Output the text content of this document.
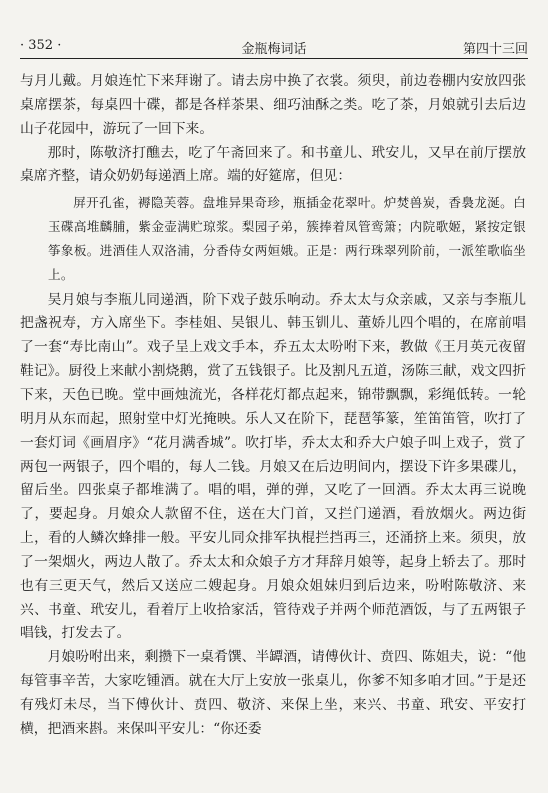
· 352 ·	金瓶梅词话	第四十三回

与月儿戴。月娘连忙下来拜谢了。请去房中换了衣裳。须臾，前边卷棚内安放四张桌席摆茶，每桌四十碟，都是各样茶果、细巧油酥之类。吃了茶，月娘就引去后边山子花园中，游玩了一回下来。

那时，陈敬济打醮去，吃了午斋回来了。和书童儿、玳安儿，又早在前厅摆放桌席齐整，请众奶奶每递酒上席。端的好筵席，但见：

屏开孔雀，褥隐芙蓉。盘堆异果奇珍，瓶插金花翠叶。炉焚兽炭，香裊龙涎。白玉碟高堆麟脯，紫金壶满贮琼浆。梨园子弟，簇捧着凤管鸾箫；内院歌姬，紧按定银筝象板。进酒佳人双洛浦，分香侍女两姮娥。正是：两行珠翠列阶前，一派笙歌临坐上。

吴月娘与李瓶儿同递酒，阶下戏子鼓乐响动。乔太太与众亲戚，又亲与李瓶儿把盏祝寿，方入席坐下。李桂姐、吴银儿、韩玉钏儿、董娇儿四个唱的，在席前唱了一套“寿比南山”。戏子呈上戏文手本，乔五太太吩咐下来，教做《王月英元夜留鞋记》。厨役上来献小割烧鹅，赏了五钱银子。比及割凡五道，汤陈三献，戏文四折下来，天色已晚。堂中画烛流光，各样花灯都点起来，锦带飘飘，彩绳低转。一轮明月从东而起，照射堂中灯光掩映。乐人又在阶下，琵琶筝篆，笙笛笛管，吹打了一套灯词《画眉序》“花月满香城”。吹打毕，乔太太和乔大户娘子叫上戏子，赏了两包一两银子，四个唱的，每人二钱。月娘又在后边明间内，摆设下许多果碟儿，留后坐。四张桌子都堆满了。唱的唱，弹的弹，又吃了一回酒。乔太太再三说晚了，要起身。月娘众人款留不住，送在大门首，又拦门递酒，看放烟火。两边街上，看的人鳞次蜂排一般。平安儿同众排军执棍拦挡再三，还涌挤上来。须臾，放了一架烟火，两边人散了。乔太太和众娘子方才拜辞月娘等，起身上轿去了。那时也有三更天气，然后又送应二嫂起身。月娘众姐妹归到后边来，吩咐陈敬济、来兴、书童、玳安儿，看着厅上收拾家活，管待戏子并两个师范酒饭，与了五两银子唱钱，打发去了。

月娘吩咐出来，剩攒下一桌肴馔、半罈酒，请傅伙计、贲四、陈姐夫，说：“他每管事辛苦，大家吃锺酒。就在大厅上安放一张桌儿，你爹不知多咱才回。”于是还有残灯未尽，当下傅伙计、贲四、敬济、来保上坐，来兴、书童、玳安、平安打横，把酒来斟。来保叫平安儿：“你还委
